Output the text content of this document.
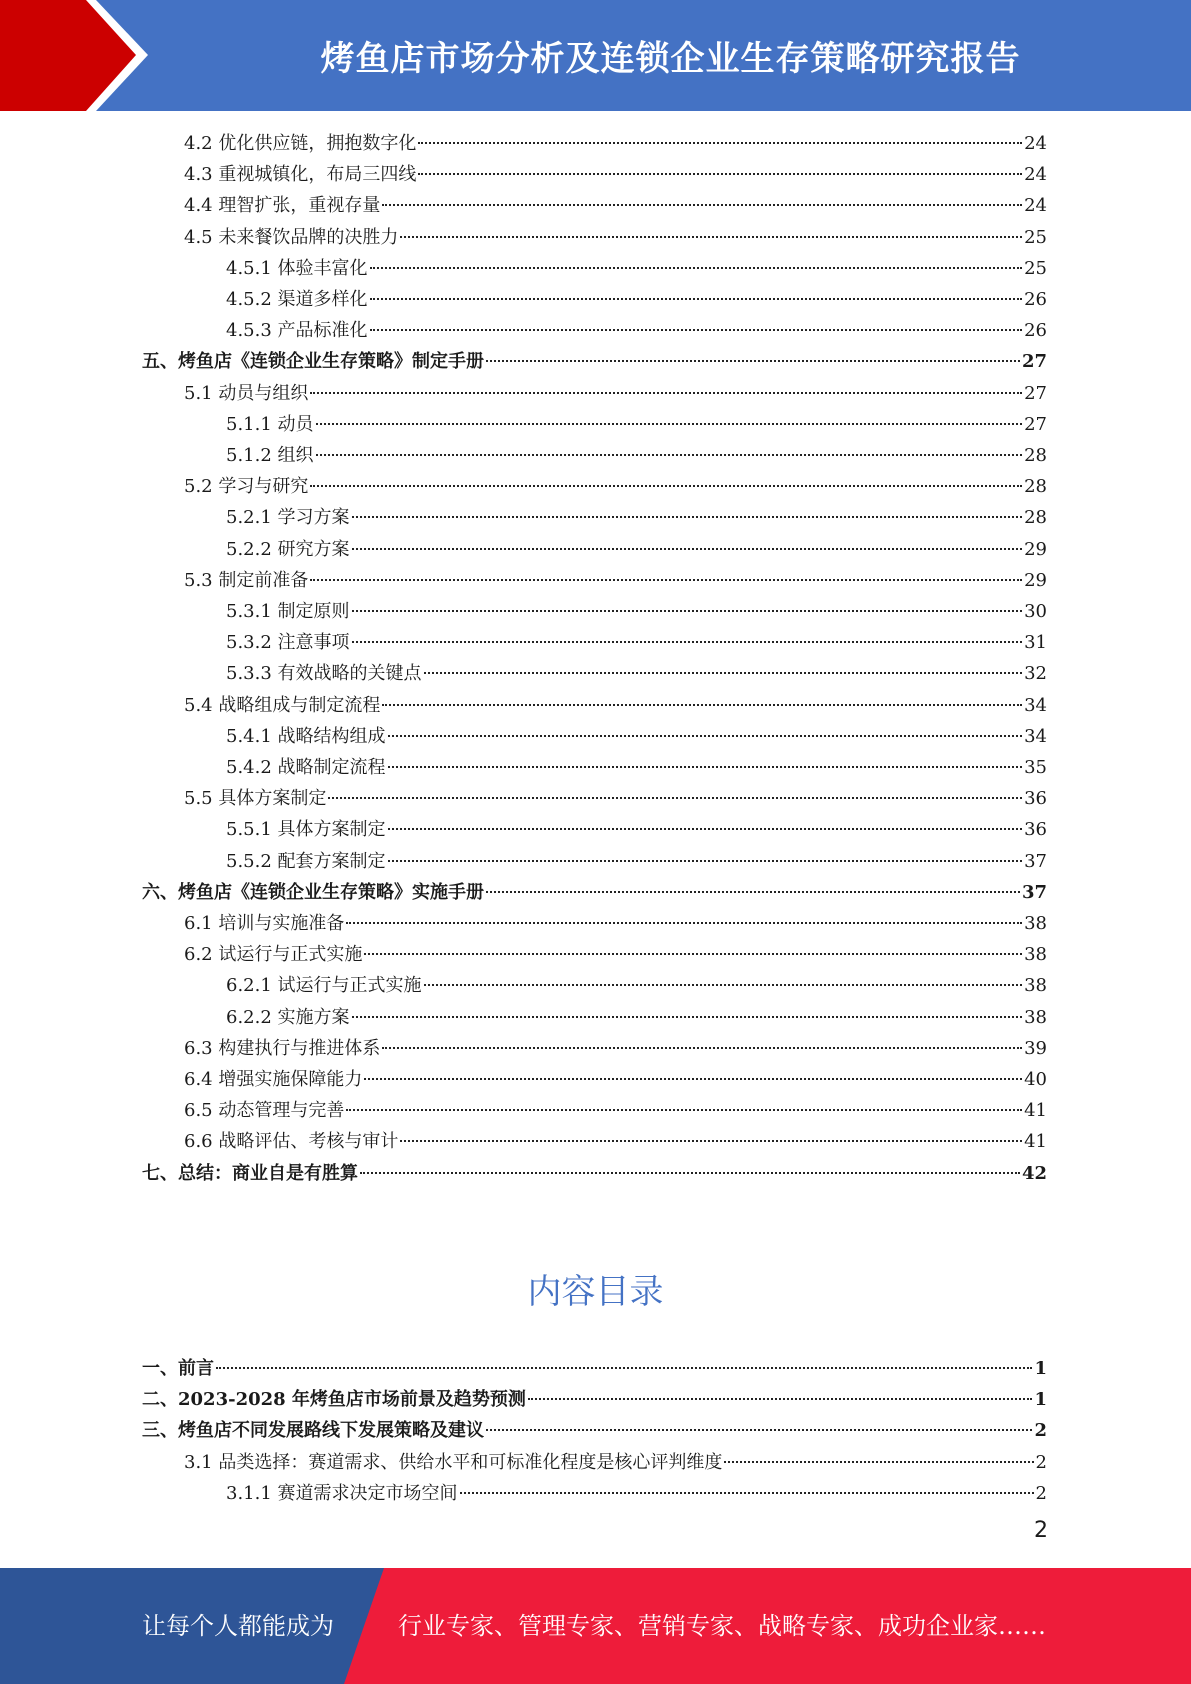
烤鱼店市场分析及连锁企业生存策略研究报告
4.2 优化供应链，拥抱数字化	24
4.3 重视城镇化，布局三四线	24
4.4 理智扩张，重视存量	24
4.5 未来餐饮品牌的决胜力	25
4.5.1 体验丰富化	25
4.5.2 渠道多样化	26
4.5.3 产品标准化	26
五、烤鱼店《连锁企业生存策略》制定手册	27
5.1 动员与组织	27
5.1.1 动员	27
5.1.2 组织	28
5.2 学习与研究	28
5.2.1 学习方案	28
5.2.2 研究方案	29
5.3 制定前准备	29
5.3.1 制定原则	30
5.3.2 注意事项	31
5.3.3 有效战略的关键点	32
5.4 战略组成与制定流程	34
5.4.1 战略结构组成	34
5.4.2 战略制定流程	35
5.5 具体方案制定	36
5.5.1 具体方案制定	36
5.5.2 配套方案制定	37
六、烤鱼店《连锁企业生存策略》实施手册	37
6.1 培训与实施准备	38
6.2 试运行与正式实施	38
6.2.1 试运行与正式实施	38
6.2.2 实施方案	38
6.3 构建执行与推进体系	39
6.4 增强实施保障能力	40
6.5 动态管理与完善	41
6.6 战略评估、考核与审计	41
七、总结：商业自是有胜算	42
内容目录
一、前言	1
二、2023-2028 年烤鱼店市场前景及趋势预测	1
三、烤鱼店不同发展路线下发展策略及建议	2
3.1 品类选择：赛道需求、供给水平和可标准化程度是核心评判维度	2
3.1.1 赛道需求决定市场空间	2
2
让每个人都能成为	行业专家、管理专家、营销专家、战略专家、成功企业家……
